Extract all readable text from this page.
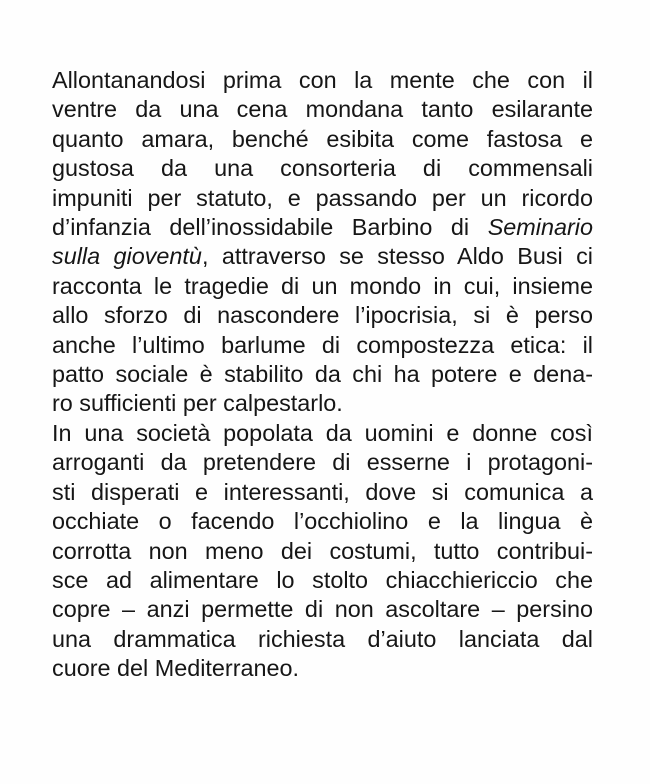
Allontanandosi prima con la mente che con il
ventre da una cena mondana tanto esilarante
quanto amara, benché esibita come fastosa e
gustosa da una consorteria di commensali
impuniti per statuto, e passando per un ricordo
d’infanzia dell’inossidabile Barbino di Seminario
sulla gioventù, attraverso se stesso Aldo Busi ci
racconta le tragedie di un mondo in cui, insieme
allo sforzo di nascondere l’ipocrisia, si è perso
anche l’ultimo barlume di compostezza etica: il
patto sociale è stabilito da chi ha potere e dena-
ro sufficienti per calpestarlo.
In una società popolata da uomini e donne così
arroganti da pretendere di esserne i protagoni-
sti disperati e interessanti, dove si comunica a
occhiate o facendo l’occhiolino e la lingua è
corrotta non meno dei costumi, tutto contribui-
sce ad alimentare lo stolto chiacchiericcio che
copre – anzi permette di non ascoltare – persino
una drammatica richiesta d’aiuto lanciata dal
cuore del Mediterraneo.
